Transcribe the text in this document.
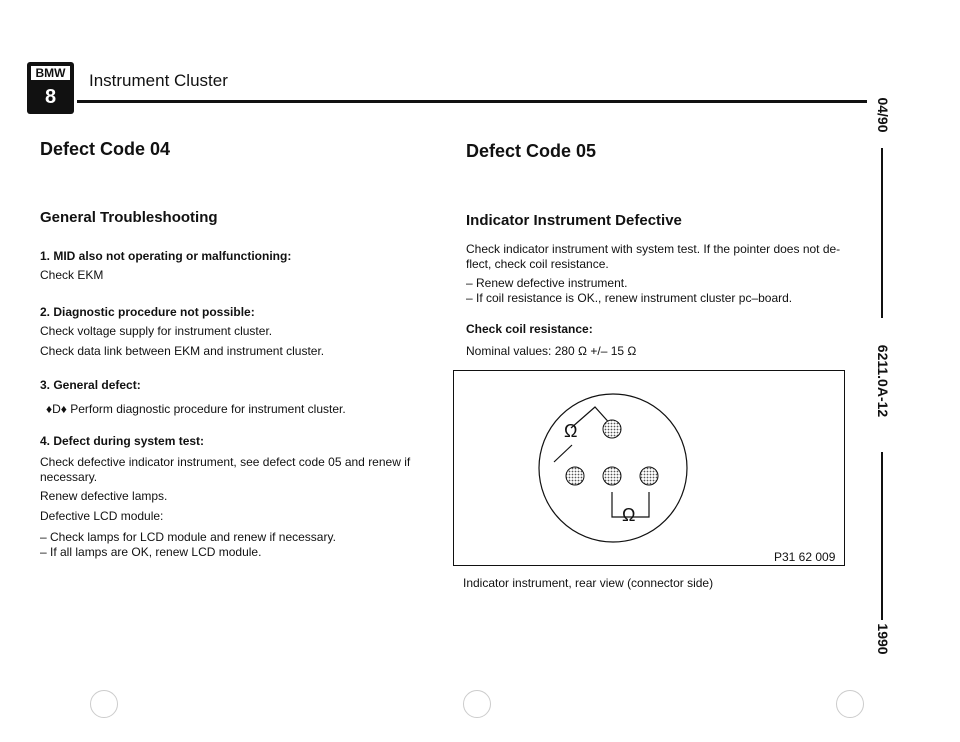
BMW
8
Instrument Cluster
04/90
6211.0A-12
1990
Defect Code 04
General Troubleshooting
1. MID also not operating or malfunctioning:
Check EKM
2. Diagnostic procedure not possible:
Check voltage supply for instrument cluster.
Check data link between EKM and instrument cluster.
3. General defect:
♦D♦ Perform diagnostic procedure for instrument cluster.
4. Defect during system test:
Check defective indicator instrument, see defect code 05 and renew if
necessary.
Renew defective lamps.
Defective LCD module:
– Check lamps for LCD module and renew if necessary.
– If all lamps are OK, renew LCD module.
Defect Code 05
Indicator Instrument Defective
Check indicator instrument with system test. If the pointer does not de-
flect, check coil resistance.
– Renew defective instrument.
– If coil resistance is OK., renew instrument cluster pc–board.
Check coil resistance:
Nominal values: 280 Ω +/– 15 Ω
Ω
Ω
P31 62 009
Indicator instrument, rear view (connector side)
